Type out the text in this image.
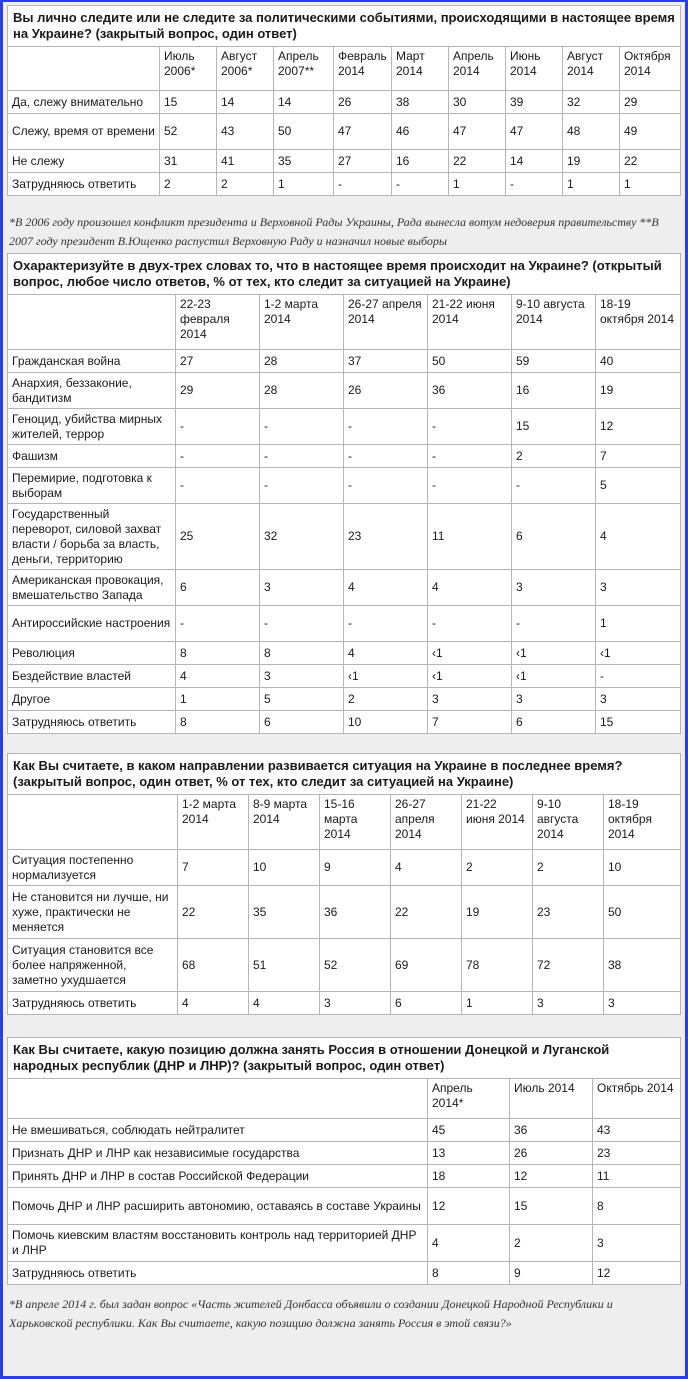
Вы лично следите или не следите за политическими событиями, происходящими в настоящее время на Украине? (закрытый вопрос, один ответ)									
	Июль 2006*	Август 2006*	Апрель 2007**	Февраль 2014	Март 2014	Апрель 2014	Июнь 2014	Август 2014	Октября 2014
Да, слежу внимательно	15	14	14	26	38	30	39	32	29
Слежу, время от времени	52	43	50	47	46	47	47	48	49
Не слежу	31	41	35	27	16	22	14	19	22
Затрудняюсь ответить	2	2	1	-	-	1	-	1	1
*В 2006 году произошел конфликт президента и Верховной Рады Украины, Рада вынесла вотум недоверия правительству **В 2007 году президент В.Ющенко распустил Верховную Раду и назначил новые выборы
Охарактеризуйте в двух-трех словах то, что в настоящее время происходит на Украине? (открытый вопрос, любое число ответов, % от тех, кто следит за ситуацией на Украине)						
	22-23 февраля 2014	1-2 марта 2014	26-27 апреля 2014	21-22 июня 2014	9-10 августа 2014	18-19 октября 2014
Гражданская война	27	28	37	50	59	40
Анархия, беззаконие, бандитизм	29	28	26	36	16	19
Геноцид, убийства мирных жителей, террор	-	-	-	-	15	12
Фашизм	-	-	-	-	2	7
Перемирие, подготовка к выборам	-	-	-	-	-	5
Государственный переворот, силовой захват власти / борьба за власть, деньги, территорию	25	32	23	11	6	4
Американская провокация, вмешательство Запада	6	3	4	4	3	3
Антироссийские настроения	-	-	-	-	-	1
Революция	8	8	4	‹1	‹1	‹1
Бездействие властей	4	3	‹1	‹1	‹1	-
Другое	1	5	2	3	3	3
Затрудняюсь ответить	8	6	10	7	6	15
Как Вы считаете, в каком направлении развивается ситуация на Украине в последнее время? (закрытый вопрос, один ответ, % от тех, кто следит за ситуацией на Украине)							
	1-2 марта 2014	8-9 марта 2014	15-16 марта 2014	26-27 апреля 2014	21-22 июня 2014	9-10 августа 2014	18-19 октября 2014
Ситуация постепенно нормализуется	7	10	9	4	2	2	10
Не становится ни лучше, ни хуже, практически не меняется	22	35	36	22	19	23	50
Ситуация становится все более напряженной, заметно ухудшается	68	51	52	69	78	72	38
Затрудняюсь ответить	4	4	3	6	1	3	3
Как Вы считаете, какую позицию должна занять Россия в отношении Донецкой и Луганской народных республик (ДНР и ЛНР)? (закрытый вопрос, один ответ)			
	Апрель 2014*	Июль 2014	Октябрь 2014
Не вмешиваться, соблюдать нейтралитет	45	36	43
Признать ДНР и ЛНР как независимые государства	13	26	23
Принять ДНР и ЛНР в состав Российской Федерации	18	12	11
Помочь ДНР и ЛНР расширить автономию, оставаясь в составе Украины	12	15	8
Помочь киевским властям восстановить контроль над территорией ДНР и ЛНР	4	2	3
Затрудняюсь ответить	8	9	12
*В апреле 2014 г. был задан вопрос «Часть жителей Донбасса объявили о создании Донецкой Народной Республики и Харьковской республики. Как Вы считаете, какую позицию должна занять Россия в этой связи?»
